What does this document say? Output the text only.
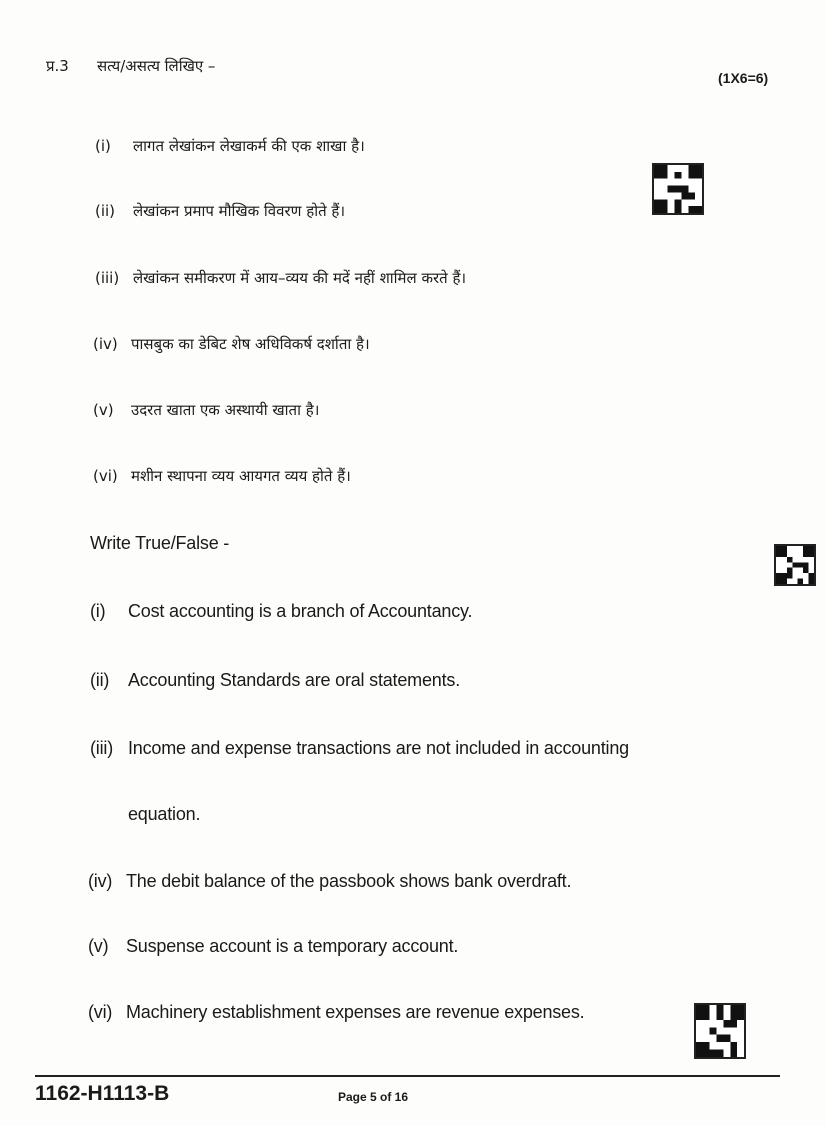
प्र.3 सत्य/असत्य लिखिए –
(1X6=6)
(i) लागत लेखांकन लेखाकर्म की एक शाखा है।
(ii) लेखांकन प्रमाप मौखिक विवरण होते हैं।
(iii) लेखांकन समीकरण में आय–व्यय की मदें नहीं शामिल करते हैं।
(iv) पासबुक का डेबिट शेष अधिविकर्ष दर्शाता है।
(v) उदरत खाता एक अस्थायी खाता है।
(vi) मशीन स्थापना व्यय आयगत व्यय होते हैं।
Write True/False -
(i) Cost accounting is a branch of Accountancy.
(ii) Accounting Standards are oral statements.
(iii) Income and expense transactions are not included in accounting
equation.
(iv) The debit balance of the passbook shows bank overdraft.
(v) Suspense account is a temporary account.
(vi) Machinery establishment expenses are revenue expenses.
1162-H1113-B	Page 5 of 16
